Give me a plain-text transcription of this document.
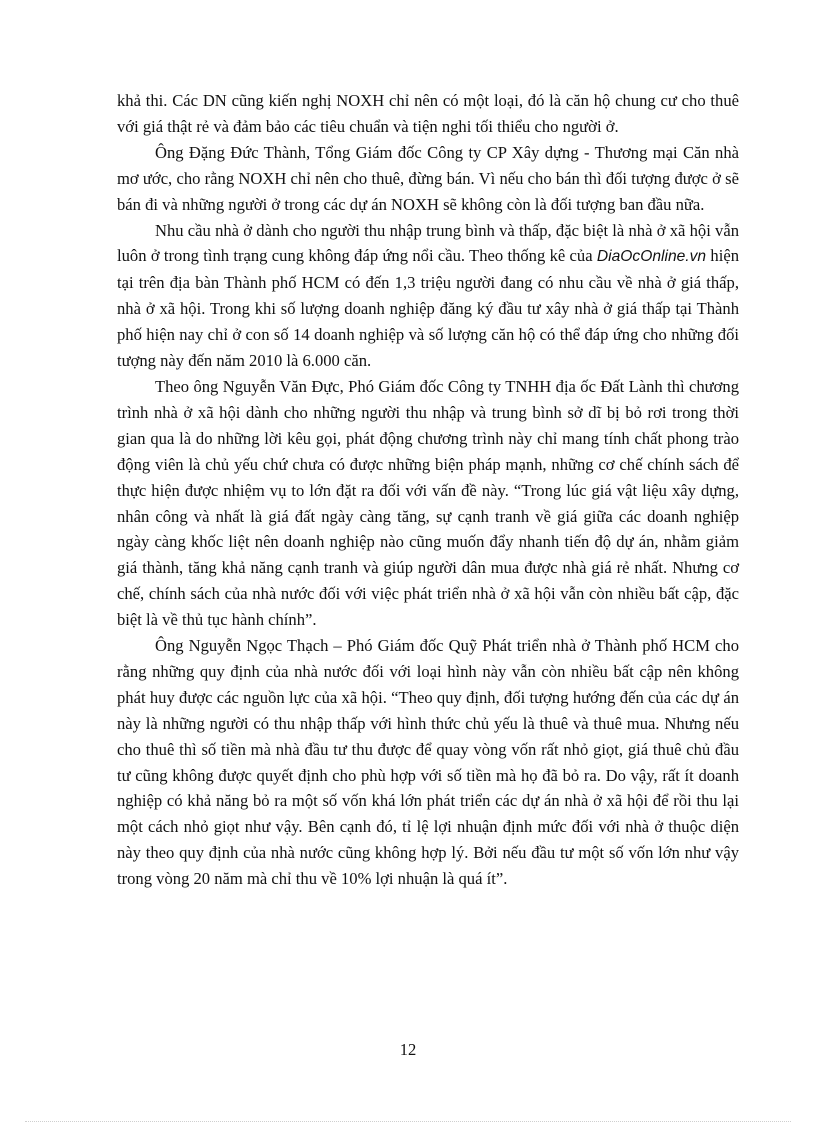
khả thi. Các DN cũng kiến nghị NOXH chỉ nên có một loại, đó là căn hộ chung cư cho thuê với giá thật rẻ và đảm bảo các tiêu chuẩn và tiện nghi tối thiểu cho người ở.

Ông Đặng Đức Thành, Tổng Giám đốc Công ty CP Xây dựng - Thương mại Căn nhà mơ ước, cho rằng NOXH chỉ nên cho thuê, đừng bán. Vì nếu cho bán thì đối tượng được ở sẽ bán đi và những người ở trong các dự án NOXH sẽ không còn là đối tượng ban đầu nữa.

Nhu cầu nhà ở dành cho người thu nhập trung bình và thấp, đặc biệt là nhà ở xã hội vẫn luôn ở trong tình trạng cung không đáp ứng nổi cầu. Theo thống kê của DiaOcOnline.vn hiện tại trên địa bàn Thành phố HCM có đến 1,3 triệu người đang có nhu cầu về nhà ở giá thấp, nhà ở xã hội. Trong khi số lượng doanh nghiệp đăng ký đầu tư xây nhà ở giá thấp tại Thành phố hiện nay chỉ ở con số 14 doanh nghiệp và số lượng căn hộ có thể đáp ứng cho những đối tượng này đến năm 2010 là 6.000 căn.

Theo ông Nguyễn Văn Đực, Phó Giám đốc Công ty TNHH địa ốc Đất Lành thì chương trình nhà ở xã hội dành cho những người thu nhập và trung bình sở dĩ bị bỏ rơi trong thời gian qua là do những lời kêu gọi, phát động chương trình này chỉ mang tính chất phong trào động viên là chủ yếu chứ chưa có được những biện pháp mạnh, những cơ chế chính sách để thực hiện được nhiệm vụ to lớn đặt ra đối với vấn đề này. “Trong lúc giá vật liệu xây dựng, nhân công và nhất là giá đất ngày càng tăng, sự cạnh tranh về giá giữa các doanh nghiệp ngày càng khốc liệt nên doanh nghiệp nào cũng muốn đẩy nhanh tiến độ dự án, nhằm giảm giá thành, tăng khả năng cạnh tranh và giúp người dân mua được nhà giá rẻ nhất. Nhưng cơ chế, chính sách của nhà nước đối với việc phát triển nhà ở xã hội vẫn còn nhiều bất cập, đặc biệt là về thủ tục hành chính”.

Ông Nguyễn Ngọc Thạch – Phó Giám đốc Quỹ Phát triển nhà ở Thành phố HCM cho rằng những quy định của nhà nước đối với loại hình này vẫn còn nhiều bất cập nên không phát huy được các nguồn lực của xã hội. “Theo quy định, đối tượng hướng đến của các dự án này là những người có thu nhập thấp với hình thức chủ yếu là thuê và thuê mua. Nhưng nếu cho thuê thì số tiền mà nhà đầu tư thu được để quay vòng vốn rất nhỏ giọt, giá thuê chủ đầu tư cũng không được quyết định cho phù hợp với số tiền mà họ đã bỏ ra. Do vậy, rất ít doanh nghiệp có khả năng bỏ ra một số vốn khá lớn phát triển các dự án nhà ở xã hội để rồi thu lại một cách nhỏ giọt như vậy. Bên cạnh đó, tỉ lệ lợi nhuận định mức đối với nhà ở thuộc diện này theo quy định của nhà nước cũng không hợp lý. Bởi nếu đầu tư một số vốn lớn như vậy trong vòng 20 năm mà chỉ thu về 10% lợi nhuận là quá ít”.

12
